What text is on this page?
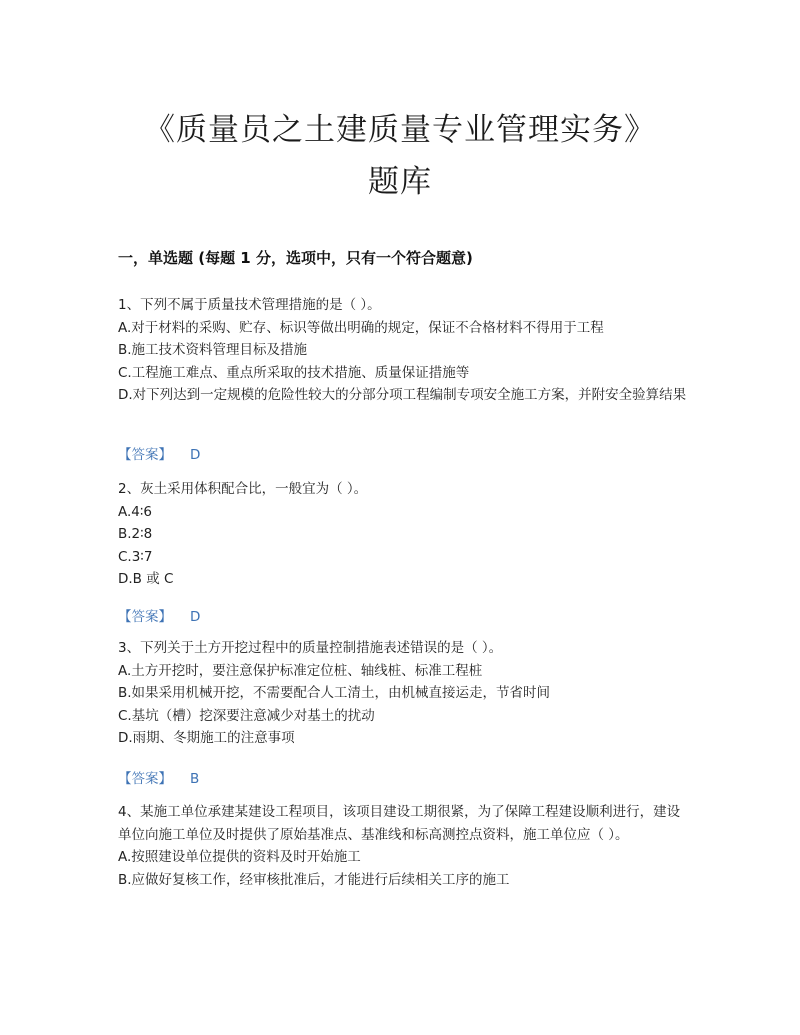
《质量员之土建质量专业管理实务》
题库
一，单选题 (每题 1 分，选项中，只有一个符合题意)
1、下列不属于质量技术管理措施的是（ ）。
A.对于材料的采购、贮存、标识等做出明确的规定，保证不合格材料不得用于工程
B.施工技术资料管理目标及措施
C.工程施工难点、重点所采取的技术措施、质量保证措施等
D.对下列达到一定规模的危险性较大的分部分项工程编制专项安全施工方案，并附安全验算结果
【答案】 D
2、灰土采用体积配合比，一般宜为（ ）。
A.4∶6
B.2∶8
C.3∶7
D.B 或 C
【答案】 D
3、下列关于土方开挖过程中的质量控制措施表述错误的是（ ）。
A.土方开挖时，要注意保护标准定位桩、轴线桩、标准工程桩
B.如果采用机械开挖，不需要配合人工清土，由机械直接运走，节省时间
C.基坑（槽）挖深要注意减少对基土的扰动
D.雨期、冬期施工的注意事项
【答案】 B
4、某施工单位承建某建设工程项目，该项目建设工期很紧，为了保障工程建设顺利进行，建设单位向施工单位及时提供了原始基准点、基准线和标高测控点资料，施工单位应（ ）。
A.按照建设单位提供的资料及时开始施工
B.应做好复核工作，经审核批准后，才能进行后续相关工序的施工
